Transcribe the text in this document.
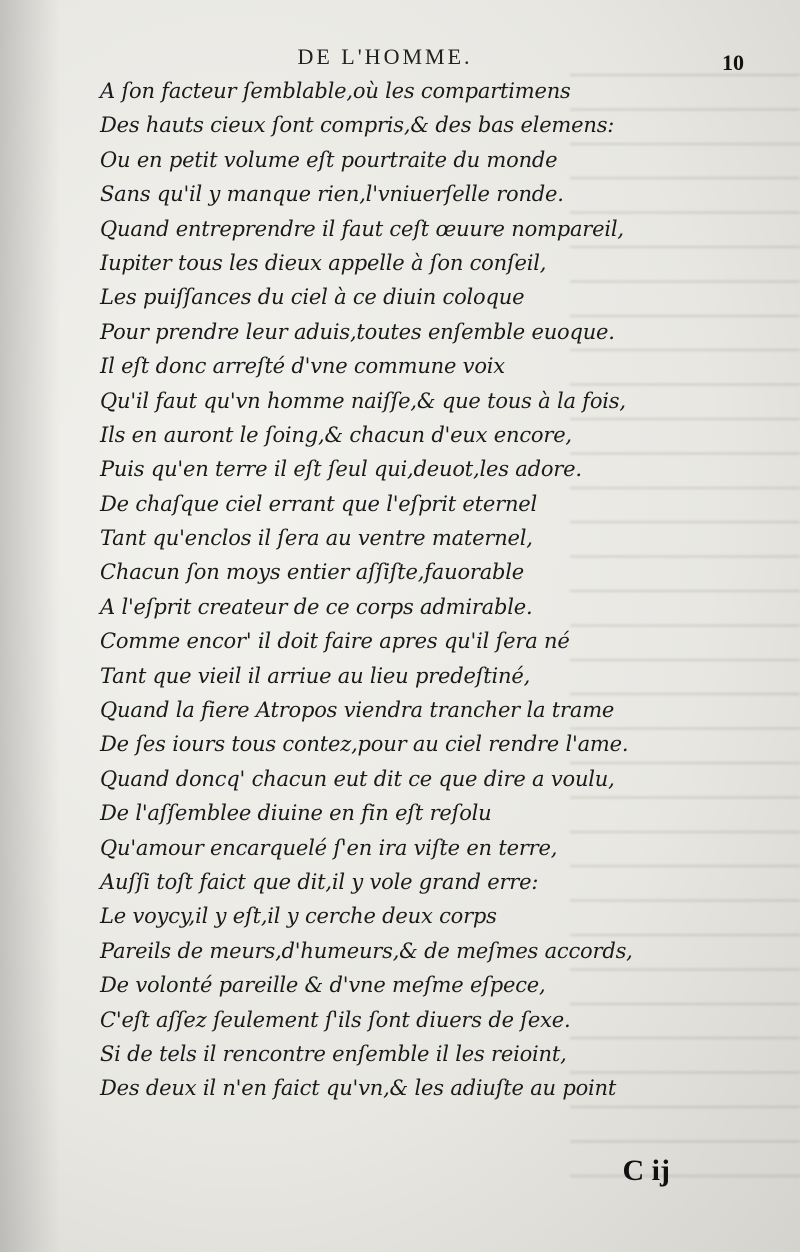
DE L'HOMME.	10
A ſon facteur ſemblable,où les compartimens
Des hauts cieux ſont compris,& des bas elemens:
Ou en petit volume eſt pourtraite du monde
Sans qu'il y manque rien,l'vniuerſelle ronde.
Quand entreprendre il faut ceſt œuure nompareil,
Iupiter tous les dieux appelle à ſon conſeil,
Les puiſſances du ciel à ce diuin coloque
Pour prendre leur aduis,toutes enſemble euoque.
Il eſt donc arreſté d'vne commune voix
Qu'il faut qu'vn homme naiſſe,& que tous à la fois,
Ils en auront le ſoing,& chacun d'eux encore,
Puis qu'en terre il eſt ſeul qui,deuot,les adore.
De chaſque ciel errant que l'eſprit eternel
Tant qu'enclos il ſera au ventre maternel,
Chacun ſon moys entier aſſiſte,fauorable
A l'eſprit createur de ce corps admirable.
Comme encor' il doit faire apres qu'il ſera né
Tant que vieil il arriue au lieu predeſtiné,
Quand la fiere Atropos viendra trancher la trame
De ſes iours tous contez,pour au ciel rendre l'ame.
Quand doncq' chacun eut dit ce que dire a voulu,
De l'aſſemblee diuine en fin eſt reſolu
Qu'amour encarquelé ſ'en ira viſte en terre,
Auſſi toſt faict que dit,il y vole grand erre:
Le voycy,il y eſt,il y cerche deux corps
Pareils de meurs,d'humeurs,& de meſmes accords,
De volonté pareille & d'vne meſme eſpece,
C'eſt aſſez ſeulement ſ'ils ſont diuers de ſexe.
Si de tels il rencontre enſemble il les reioint,
Des deux il n'en faict qu'vn,& les adiuſte au point
C ij
